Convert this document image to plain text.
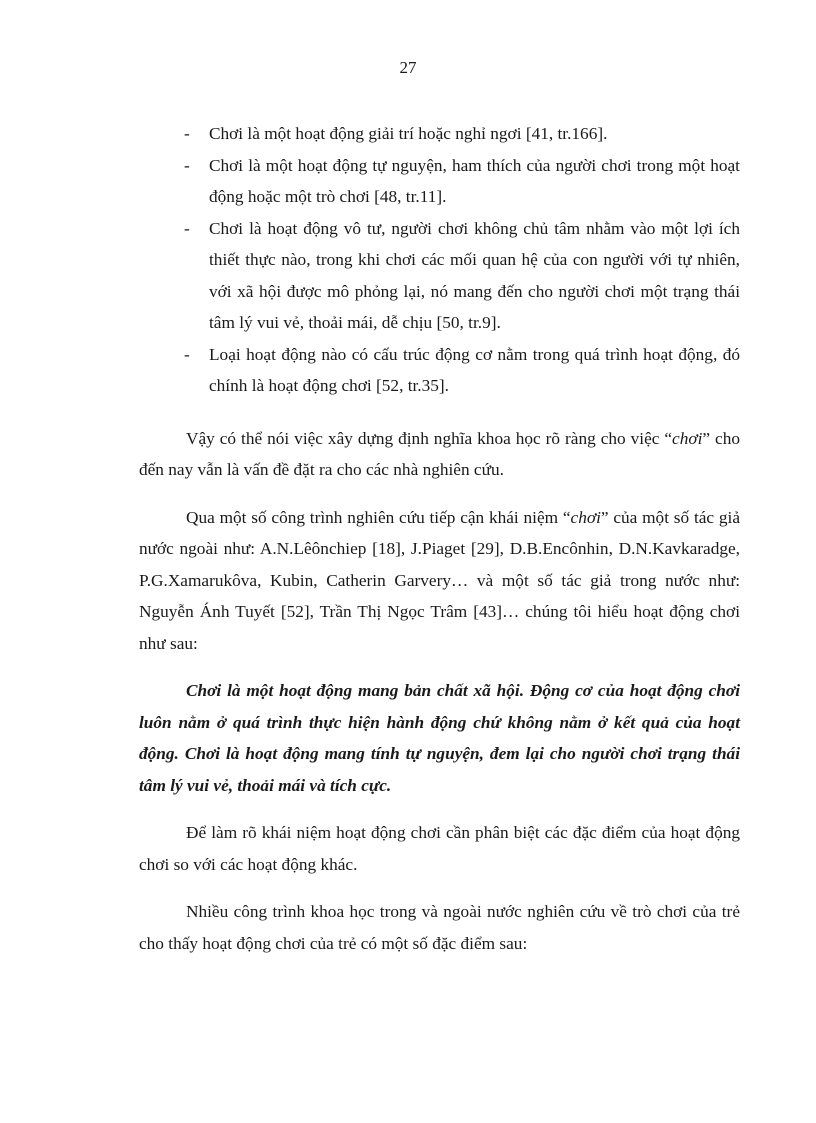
27
- Chơi là một hoạt động giải trí hoặc nghỉ ngơi [41, tr.166].
- Chơi là một hoạt động tự nguyện, ham thích của người chơi trong một hoạt động hoặc một trò chơi [48, tr.11].
- Chơi là hoạt động vô tư, người chơi không chủ tâm nhằm vào một lợi ích thiết thực nào, trong khi chơi các mối quan hệ của con người với tự nhiên, với xã hội được mô phỏng lại, nó mang đến cho người chơi một trạng thái tâm lý vui vẻ, thoải mái, dễ chịu [50, tr.9].
- Loại hoạt động nào có cấu trúc động cơ nằm trong quá trình hoạt động, đó chính là hoạt động chơi [52, tr.35].

Vậy có thể nói việc xây dựng định nghĩa khoa học rõ ràng cho việc “chơi” cho đến nay vẫn là vấn đề đặt ra cho các nhà nghiên cứu.

Qua một số công trình nghiên cứu tiếp cận khái niệm “chơi” của một số tác giả nước ngoài như: A.N.Lêônchiep [18], J.Piaget [29], D.B.Encônhin, D.N.Kavkaradge, P.G.Xamarukôva, Kubin, Catherin Garvery… và một số tác giả trong nước như: Nguyễn Ánh Tuyết [52], Trần Thị Ngọc Trâm [43]… chúng tôi hiểu hoạt động chơi như sau:

Chơi là một hoạt động mang bản chất xã hội. Động cơ của hoạt động chơi luôn nằm ở quá trình thực hiện hành động chứ không nằm ở kết quả của hoạt động. Chơi là hoạt động mang tính tự nguyện, đem lại cho người chơi trạng thái tâm lý vui vẻ, thoải mái và tích cực.

Để làm rõ khái niệm hoạt động chơi cần phân biệt các đặc điểm của hoạt động chơi so với các hoạt động khác.

Nhiều công trình khoa học trong và ngoài nước nghiên cứu về trò chơi của trẻ cho thấy hoạt động chơi của trẻ có một số đặc điểm sau:
